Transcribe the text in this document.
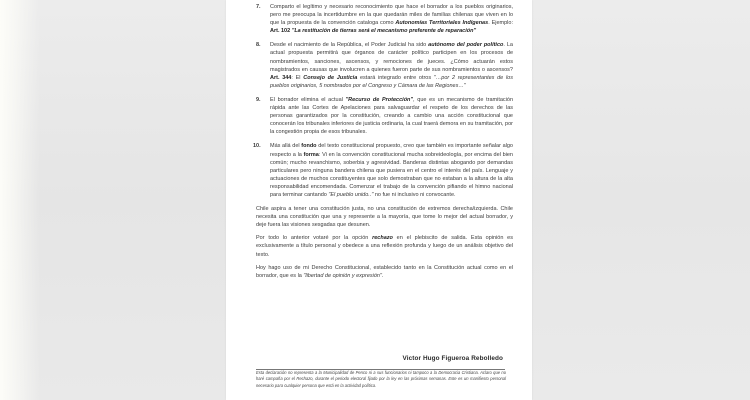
7.	Comparto el legítimo y necesario reconocimiento que hace el borrador a los pueblos originarios, pero me preocupa la incertidumbre en la que quedarán miles de familias chilenas que viven en lo que la propuesta de la convención cataloga como Autonomías Territoriales Indígenas. Ejemplo: Art. 102 "La restitución de tierras será el mecanismo preferente de reparación"
8.	Desde el nacimiento de la República, el Poder Judicial ha sido autónomo del poder político. La actual propuesta permitirá que órganos de carácter político participen en los procesos de nombramientos, sanciones, ascensos, y remociones de jueces. ¿Cómo actuarán estos magistrados en causas que involucren a quienes fueron parte de sus nombramientos o ascensos? Art. 344: El Consejo de Justicia estará integrado entre otros "…por 2 representantes de los pueblos originarios, 5 nombrados por el Congreso y Cámara de las Regiones…"
9.	El borrador elimina el actual "Recurso de Protección", que es un mecanismo de tramitación rápida ante las Cortes de Apelaciones para salvaguardar el respeto de los derechos de las personas garantizados por la constitución, creando a cambio una acción constitucional que conocerán los tribunales inferiores de justicia ordinaria, la cual traerá demora en su tramitación, por la congestión propia de esos tribunales.
10.	Más allá del fondo del texto constitucional propuesto, creo que también es importante señalar algo respecto a la forma: Vi en la convención constitucional mucha sobreideología, por encima del bien común; mucho revanchismo, soberbia y agresividad. Banderas distintas abogando por demandas particulares pero ninguna bandera chilena que pusiera en el centro el interés del país. Lenguaje y actuaciones de muchos constituyentes que solo demostraban que no estaban a la altura de la alta responsabilidad encomendada. Comenzar el trabajo de la convención pifiando el himno nacional para terminar cantando "El pueblo unido.." no fue ni inclusivo ni convocante.

Chile aspira a tener una constitución justa, no una constitución de extremos derecha/izquierda. Chile necesita una constitución que una y represente a la mayoría, que tome lo mejor del actual borrador, y deje fuera las visiones sesgadas que desunen.

Por todo lo anterior votaré por la opción rechazo en el plebiscito de salida. Esta opinión es exclusivamente a título personal y obedece a una reflexión profunda y luego de un análisis objetivo del texto.

Hoy hago uso de mi Derecho Constitucional, establecido tanto en la Constitución actual como en el borrador, que es la "libertad de opinión y expresión".

Victor Hugo Figueroa Rebolledo
Esta declaración no representa a la Municipalidad de Penco ni a sus funcionarios ni tampoco a la Democracia Cristiana. Aclaro que no haré campaña por el Rechazo, durante el periodo electoral fijado por la ley en las próximas semanas. Este es un manifiesto personal necesario para cualquier persona que está en la actividad política.
